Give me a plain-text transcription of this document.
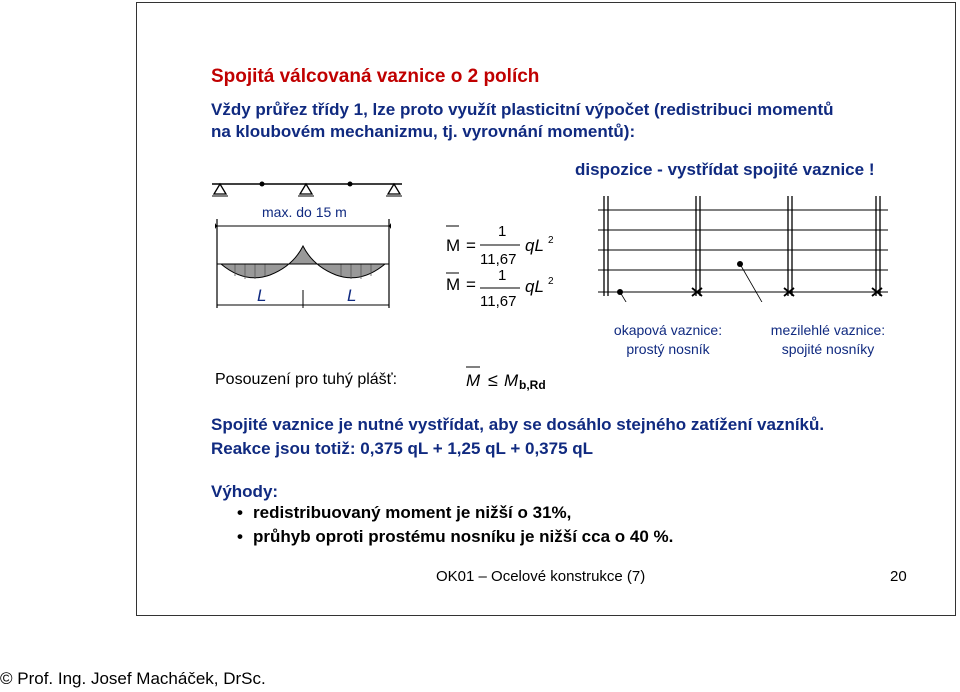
Spojitá válcovaná vaznice o 2 polích
Vždy průřez třídy 1, lze proto využít plasticitní výpočet (redistribuci momentů
na kloubovém mechanizmu, tj. vyrovnání momentů):
dispozice - vystřídat spojité vaznice !
max. do 15 m
L	L
M =
1
11,67
qL 2
M = 1
11,67
qL 2
okapová vaznice:
prostý nosník
mezilehlé vaznice:
spojité nosníky
Posouzení pro tuhý plášť:	M ≤ M b,Rd
Spojité vaznice je nutné vystřídat, aby se dosáhlo stejného zatížení vazníků.
Reakce jsou totiž: 0,375 qL + 1,25 qL + 0,375 qL
Výhody:
• redistribuovaný moment je nižší o 31%,
• průhyb oproti prostému nosníku je nižší cca o 40 %.
OK01 – Ocelové konstrukce (7)	20
© Prof. Ing. Josef Macháček, DrSc.
